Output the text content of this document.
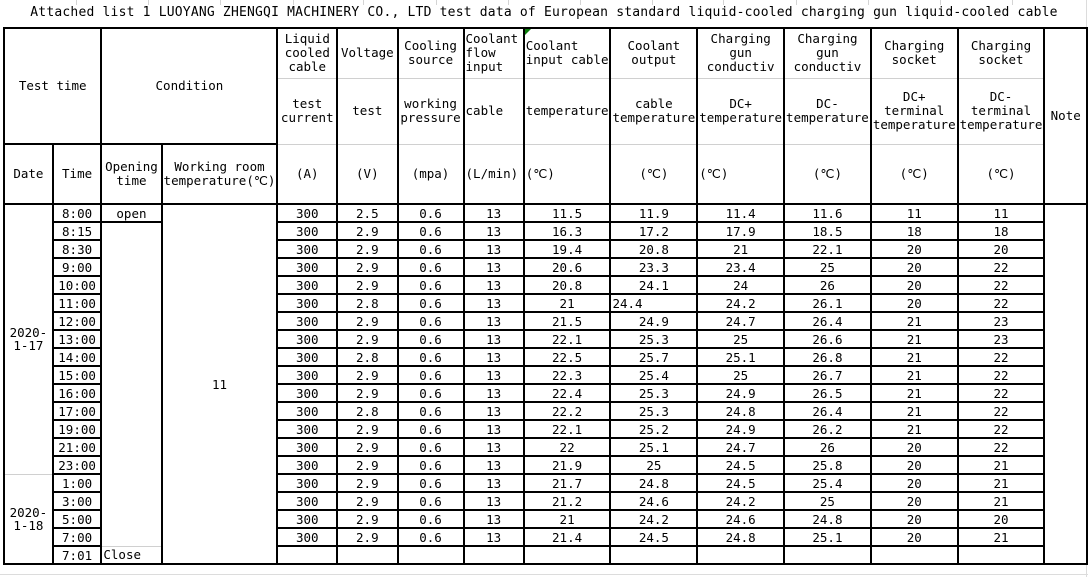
Attached list 1 LUOYANG ZHENGQI MACHINERY CO., LTD test data of European standard liquid-cooled charging gun liquid-cooled cable
Test time		Condition		Liquid cooled cable	Voltage	Cooling source	Coolant flow input	Coolant input cable	Coolant output	Charging gun conductiv	Charging gun conductiv	Charging socket	Charging socket	Note
				test current	test	working pressure	cable	temperature	cable temperature	DC+ temperature	DC- temperature	DC+ terminal temperature	DC- terminal temperature	
Date	Time	Opening time	Working room temperature(℃)	(A)	(V)	(mpa)	(L/min)	(℃)	(℃)	(℃)	(℃)	(℃)	(℃)	
2020-1-17	8:00	open	11	300	2.5	0.6	13	11.5	11.9	11.4	11.6	11	11	
	8:15			300	2.9	0.6	13	16.3	17.2	17.9	18.5	18	18	
	8:30			300	2.9	0.6	13	19.4	20.8	21	22.1	20	20	
	9:00			300	2.9	0.6	13	20.6	23.3	23.4	25	20	22	
	10:00			300	2.9	0.6	13	20.8	24.1	24	26	20	22	
	11:00			300	2.8	0.6	13	21	24.4	24.2	26.1	20	22	
	12:00			300	2.9	0.6	13	21.5	24.9	24.7	26.4	21	23	
	13:00			300	2.9	0.6	13	22.1	25.3	25	26.6	21	23	
	14:00			300	2.8	0.6	13	22.5	25.7	25.1	26.8	21	22	
	15:00			300	2.9	0.6	13	22.3	25.4	25	26.7	21	22	
	16:00			300	2.9	0.6	13	22.4	25.3	24.9	26.5	21	22	
	17:00			300	2.8	0.6	13	22.2	25.3	24.8	26.4	21	22	
	19:00			300	2.9	0.6	13	22.1	25.2	24.9	26.2	21	22	
	21:00			300	2.9	0.6	13	22	25.1	24.7	26	20	22	
	23:00			300	2.9	0.6	13	21.9	25	24.5	25.8	20	21	
2020-1-18	1:00			300	2.9	0.6	13	21.7	24.8	24.5	25.4	20	21	
	3:00			300	2.9	0.6	13	21.2	24.6	24.2	25	20	21	
	5:00			300	2.9	0.6	13	21	24.2	24.6	24.8	20	20	
	7:00			300	2.9	0.6	13	21.4	24.5	24.8	25.1	20	21	
	7:01	Close												
